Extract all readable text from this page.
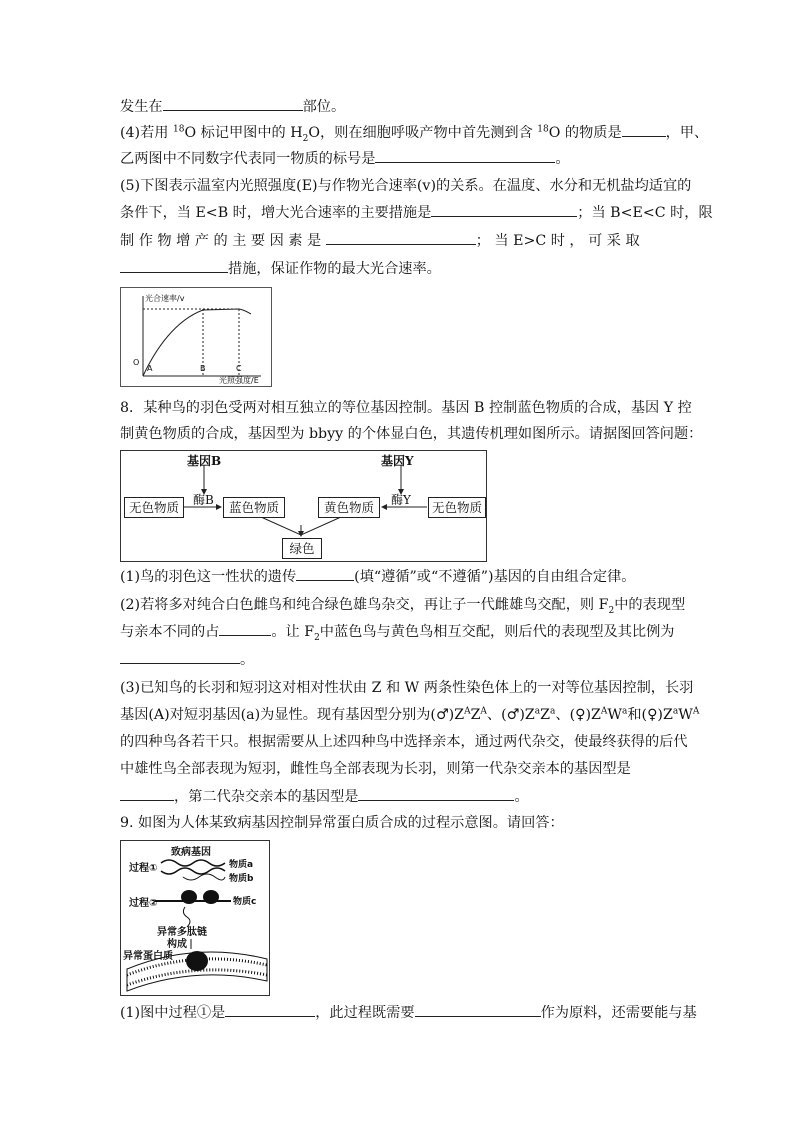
发生在	部位。
(4)若用 $^{18}$O 标记甲图中的 $H_2O$，则在细胞呼吸产物中首先测到含 $^{18}$O 的物质是	，甲、
乙两图中不同数字代表同一物质的标号是	。
(5)下图表示温室内光照强度(E)与作物光合速率(v)的关系。在温度、水分和无机盐均适宜的
条件下，当 E<B 时，增大光合速率的主要措施是	；当 B<E<C 时，限
制 作 物 增 产 的 主 要 因 素 是	； 当 E>C 时 ， 可 采 取
措施，保证作物的最大光合速率。
光合速率/v
O
A	B	C
光照强度/E
8．某种鸟的羽色受两对相互独立的等位基因控制。基因 B 控制蓝色物质的合成，基因 Y 控
制黄色物质的合成，基因型为 bbyy 的个体显白色，其遗传机理如图所示。请据图回答问题：
基因B	基因Y
酶B	酶Y
无色物质	蓝色物质	黄色物质	无色物质
绿色
(1)鸟的羽色这一性状的遗传	(填“遵循”或“不遵循”)基因的自由组合定律。
(2)若将多对纯合白色雌鸟和纯合绿色雄鸟杂交，再让子一代雌雄鸟交配，则 $F_2$中的表现型
与亲本不同的占	。让 $F_2$中蓝色鸟与黄色鸟相互交配，则后代的表现型及其比例为
。
(3)已知鸟的长羽和短羽这对相对性状由 Z 和 W 两条性染色体上的一对等位基因控制，长羽
基因(A)对短羽基因(a)为显性。现有基因型分别为$(♂)Z^AZ^A$、$(♂)Z^aZ^a$、$(♀)Z^AW^a$和$(♀)Z^aW^A$
的四种鸟各若干只。根据需要从上述四种鸟中选择亲本，通过两代杂交，使最终获得的后代
中雄性鸟全部表现为短羽，雌性鸟全部表现为长羽，则第一代杂交亲本的基因型是
，第二代杂交亲本的基因型是	。
9. 如图为人体某致病基因控制异常蛋白质合成的过程示意图。请回答：
致病基因
过程①	物质a
物质b
过程②	物质c
异常多肽链
构成
异常蛋白质
(1)图中过程①是	，此过程既需要	作为原料，还需要能与基
